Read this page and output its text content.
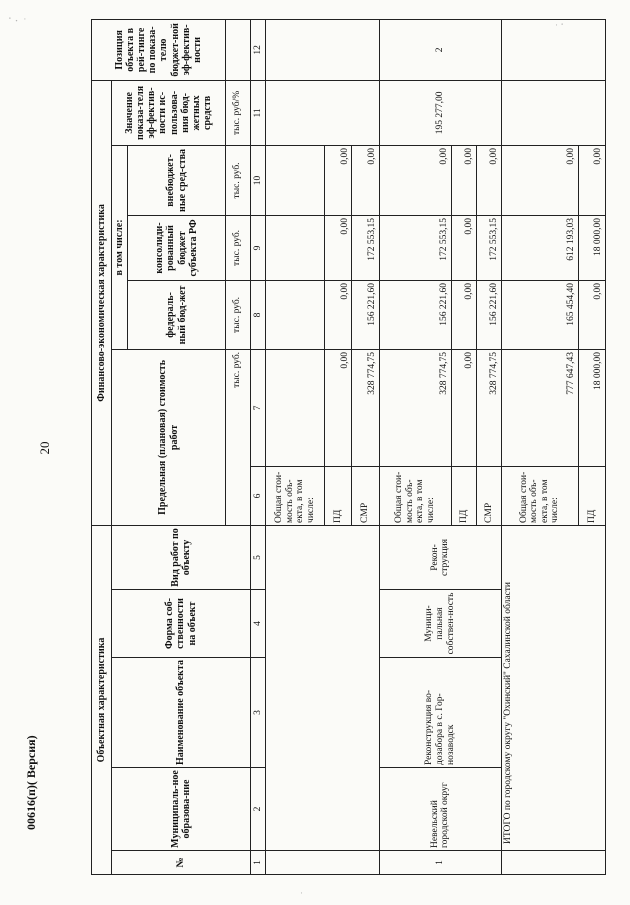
20
⠂⠄ ·
· ⠂
·
Объектная характеристика					Финансово-экономическая характеристика						Позиция объекта в рей-тинге по показа-телю бюджет-ной эф-фектив-ности
№	Муниципаль-ное образова-ние	Наименование объекта	Форма соб-ственности на объект	Вид работ по объекту	Предельная (плановая) стоимость работ		в том числе:			Значение показа-теля эф-фектив-ности ис-пользова-ния бюд-жетных средств	
							федераль-ный бюд-жет	консолиди-рованный бюджет субъекта РФ	внебюджет-ные сред-ства		
					тыс. руб.		тыс. руб.	тыс. руб.	тыс. руб.	тыс. руб/%	
1	2	3	4	5	6	7	8	9	10	11	12
					Общая стои-мость объ-екта, в том числе:						
					ПД	0,00	0,00	0,00	0,00		
					СМР	328 774,75	156 221,60	172 553,15	0,00		
1	Невельский городской округ	Реконструкция во-дозабора в с. Гор-нозаводск	Муници-пальная собствен-ность	Рекон-струкция	Общая стои-мость объ-екта, в том числе:	328 774,75	156 221,60	172 553,15	0,00	195 277,00	2
					ПД	0,00	0,00	0,00	0,00		
					СМР	328 774,75	156 221,60	172 553,15	0,00		
	ИТОГО по городскому округу "Охинский" Сахалинской области				Общая стои-мость объ-екта, в том числе:	777 647,43	165 454,40	612 193,03	0,00		
					ПД	18 000,00	0,00	18 000,00	0,00		
00616(п)( Версия)
